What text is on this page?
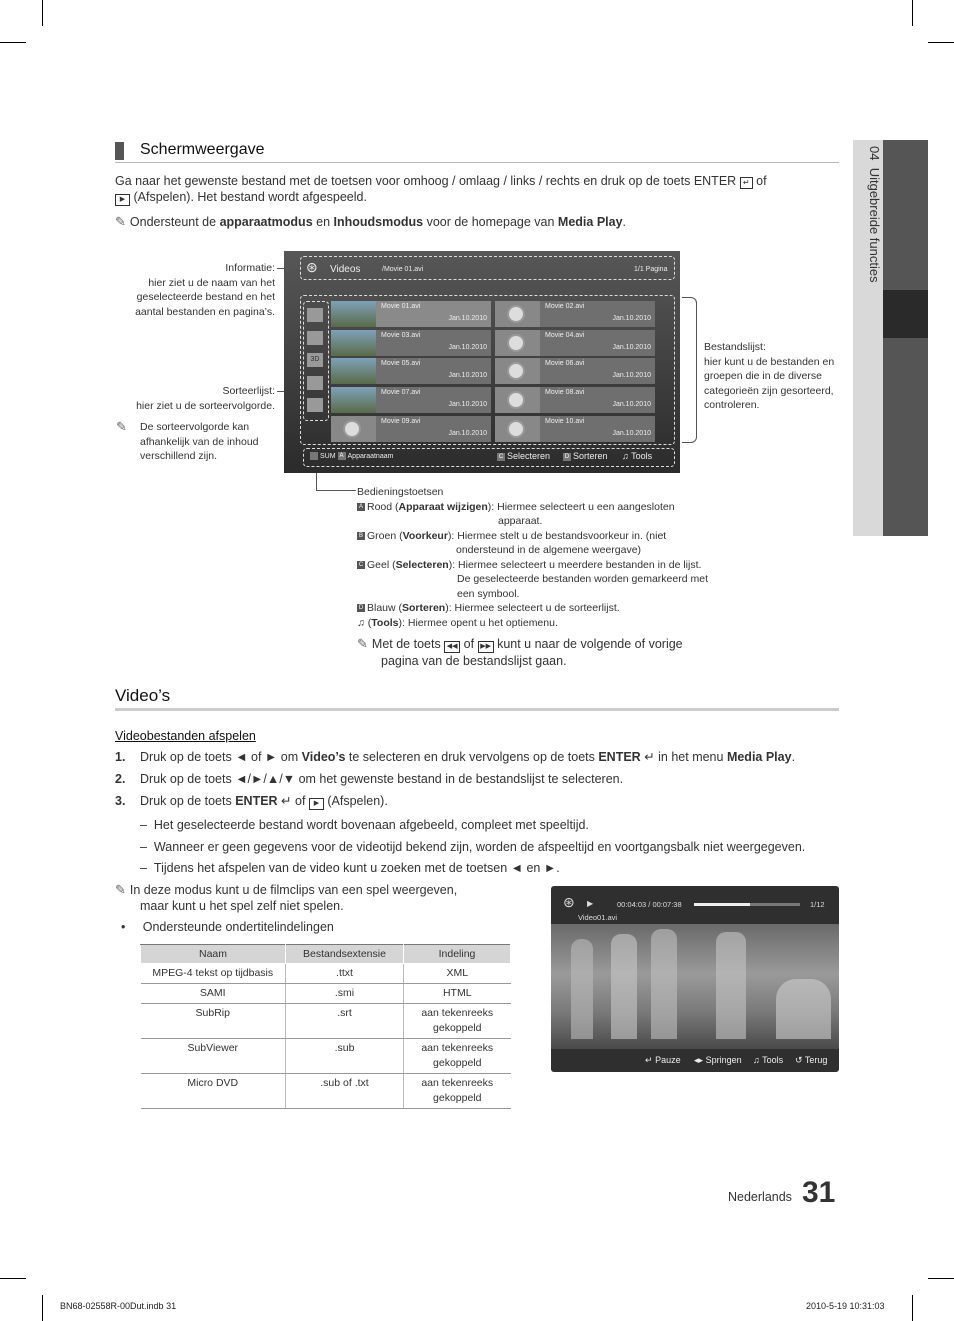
04  Uitgebreide functies
Schermweergave
Ga naar het gewenste bestand met de toetsen voor omhoog / omlaag / links / rechts en druk op de toets ENTER ↵ of
▶ (Afspelen). Het bestand wordt afgespeeld.
✎ Ondersteunt de apparaatmodus en Inhoudsmodus voor de homepage van Media Play.
Informatie:
hier ziet u de naam van het geselecteerde bestand en het aantal bestanden en pagina’s.
Sorteerlijst:
hier ziet u de sorteervolgorde.
✎ De sorteervolgorde kan afhankelijk van de inhoud verschillend zijn.
Bestandslijst:
hier kunt u de bestanden en groepen die in de diverse categorieën zijn gesorteerd, controleren.
⊛ Videos	/Movie 01.avi	1/1 Pagina
3D
Movie 01.avi
Jan.10.2010
Movie 02.avi
Jan.10.2010
Movie 03.avi
Jan.10.2010
Movie 04.avi
Jan.10.2010
Movie 05.avi
Jan.10.2010
Movie 06.avi
Jan.10.2010
Movie 07.avi
Jan.10.2010
Movie 08.avi
Jan.10.2010
Movie 09.avi
Jan.10.2010
Movie 10.avi
Jan.10.2010
SUM A Apparaatnaam	C Selecteren	D Sorteren ♫ Tools
Bedieningstoetsen
A Rood (Apparaat wijzigen): Hiermee selecteert u een aangesloten
apparaat.
B Groen (Voorkeur): Hiermee stelt u de bestandsvoorkeur in. (niet
ondersteund in de algemene weergave)
C Geel (Selecteren): Hiermee selecteert u meerdere bestanden in de lijst.
De geselecteerde bestanden worden gemarkeerd met
een symbool.
D Blauw (Sorteren): Hiermee selecteert u de sorteerlijst.
♫ (Tools): Hiermee opent u het optiemenu.
✎ Met de toets ◀◀ of ▶▶ kunt u naar de volgende of vorige
pagina van de bestandslijst gaan.
Video’s
Videobestanden afspelen
1. Druk op de toets ◄ of ► om Video’s te selecteren en druk vervolgens op de toets ENTER ↵ in het menu Media Play.
2. Druk op de toets ◄/►/▲/▼ om het gewenste bestand in de bestandslijst te selecteren.
3. Druk op de toets ENTER ↵ of ▶ (Afspelen).
–  Het geselecteerde bestand wordt bovenaan afgebeeld, compleet met speeltijd.
–  Wanneer er geen gegevens voor de videotijd bekend zijn, worden de afspeeltijd en voortgangsbalk niet weergegeven.
–  Tijdens het afspelen van de video kunt u zoeken met de toetsen ◄ en ►.
✎ In deze modus kunt u de filmclips van een spel weergeven,
maar kunt u het spel zelf niet spelen.
•     Ondersteunde ondertitelindelingen
Naam	Bestandsextensie	Indeling
MPEG-4 tekst op tijdbasis	.ttxt	XML
SAMI	.smi	HTML
SubRip	.srt	aan tekenreeks gekoppeld
SubViewer	.sub	aan tekenreeks gekoppeld
Micro DVD	.sub of .txt	aan tekenreeks gekoppeld
⊛ ▶	00:04:03 / 00:07:38	1/12
Video01.avi
↵ Pauze ◂▸ Springen ♫ Tools ↺ Terug
Nederlands 31
BN68-02558R-00Dut.indb 31	2010-5-19 10:31:03
